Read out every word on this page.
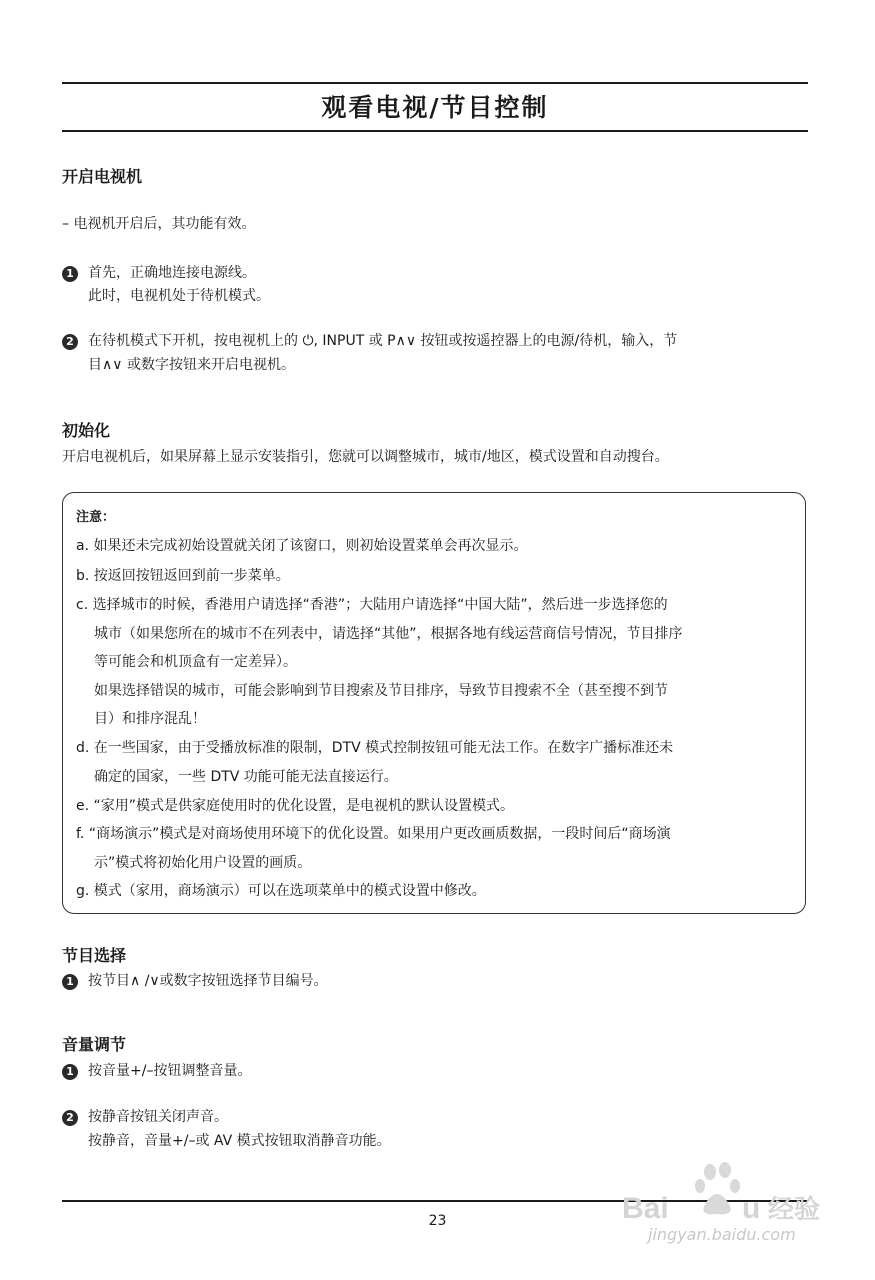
观看电视/节目控制
开启电视机
– 电视机开启后，其功能有效。
1 首先，正确地连接电源线。
此时，电视机处于待机模式。
2 在待机模式下开机，按电视机上的 ⏻, INPUT 或 P∧∨ 按钮或按遥控器上的电源/待机，输入，节
目∧∨ 或数字按钮来开启电视机。
初始化
开启电视机后，如果屏幕上显示安装指引，您就可以调整城市，城市/地区，模式设置和自动搜台。
注意：
a. 如果还未完成初始设置就关闭了该窗口，则初始设置菜单会再次显示。
b. 按返回按钮返回到前一步菜单。
c. 选择城市的时候，香港用户请选择“香港”；大陆用户请选择“中国大陆”，然后进一步选择您的
城市（如果您所在的城市不在列表中，请选择“其他”，根据各地有线运营商信号情况，节目排序
等可能会和机顶盒有一定差异）。
如果选择错误的城市，可能会影响到节目搜索及节目排序，导致节目搜索不全（甚至搜不到节
目）和排序混乱！
d. 在一些国家，由于受播放标准的限制，DTV 模式控制按钮可能无法工作。在数字广播标准还未
确定的国家，一些 DTV 功能可能无法直接运行。
e. “家用”模式是供家庭使用时的优化设置，是电视机的默认设置模式。
f. “商场演示”模式是对商场使用环境下的优化设置。如果用户更改画质数据，一段时间后“商场演
示”模式将初始化用户设置的画质。
g. 模式（家用，商场演示）可以在选项菜单中的模式设置中修改。
节目选择
1 按节目∧ /∨或数字按钮选择节目编号。
音量调节
1 按音量+/–按钮调整音量。
2 按静音按钮关闭声音。
按静音，音量+/–或 AV 模式按钮取消静音功能。
23	Bai u 经验
jingyan.baidu.com
